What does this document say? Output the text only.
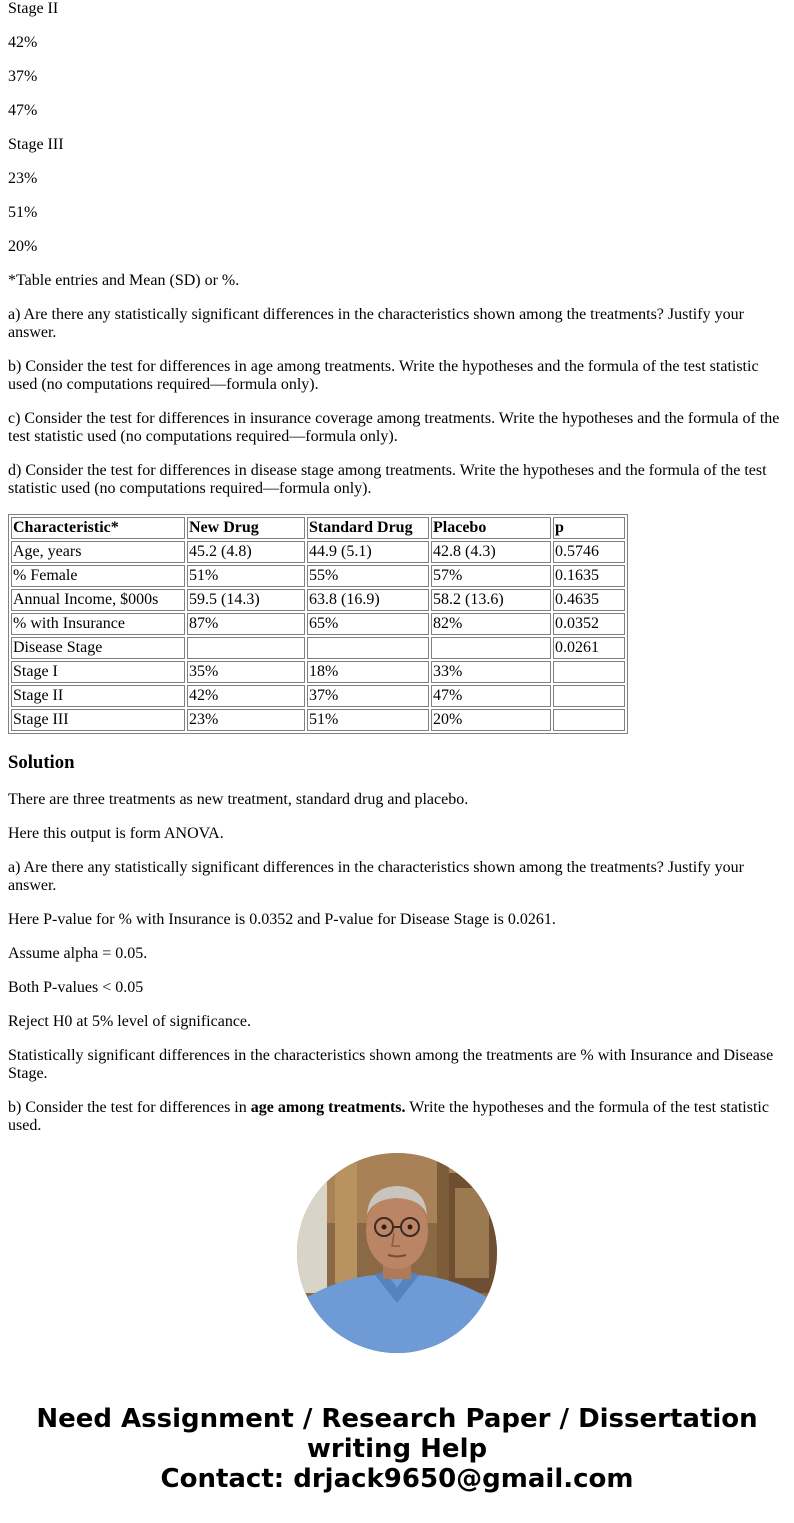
Stage II

42%

37%

47%

Stage III

23%

51%

20%

*Table entries and Mean (SD) or %.

a) Are there any statistically significant differences in the characteristics shown among the treatments? Justify your answer.

b) Consider the test for differences in age among treatments. Write the hypotheses and the formula of the test statistic used (no computations required—formula only).

c) Consider the test for differences in insurance coverage among treatments. Write the hypotheses and the formula of the test statistic used (no computations required—formula only).

d) Consider the test for differences in disease stage among treatments. Write the hypotheses and the formula of the test statistic used (no computations required—formula only).

Characteristic*	New Drug	Standard Drug	Placebo	p
Age, years	45.2 (4.8)	44.9 (5.1)	42.8 (4.3)	0.5746
% Female	51%	55%	57%	0.1635
Annual Income, $000s	59.5 (14.3)	63.8 (16.9)	58.2 (13.6)	0.4635
% with Insurance	87%	65%	82%	0.0352
Disease Stage				0.0261
Stage I	35%	18%	33%	
Stage II	42%	37%	47%	
Stage III	23%	51%	20%	
Solution

There are three treatments as new treatment, standard drug and placebo.

Here this output is form ANOVA.

a) Are there any statistically significant differences in the characteristics shown among the treatments? Justify your answer.

Here P-value for % with Insurance is 0.0352 and P-value for Disease Stage is 0.0261.

Assume alpha = 0.05.

Both P-values < 0.05

Reject H0 at 5% level of significance.

Statistically significant differences in the characteristics shown among the treatments are % with Insurance and Disease Stage.

b) Consider the test for differences in age among treatments. Write the hypotheses and the formula of the test statistic used.

Need Assignment / Research Paper / Dissertation
writing Help
Contact: drjack9650@gmail.com
